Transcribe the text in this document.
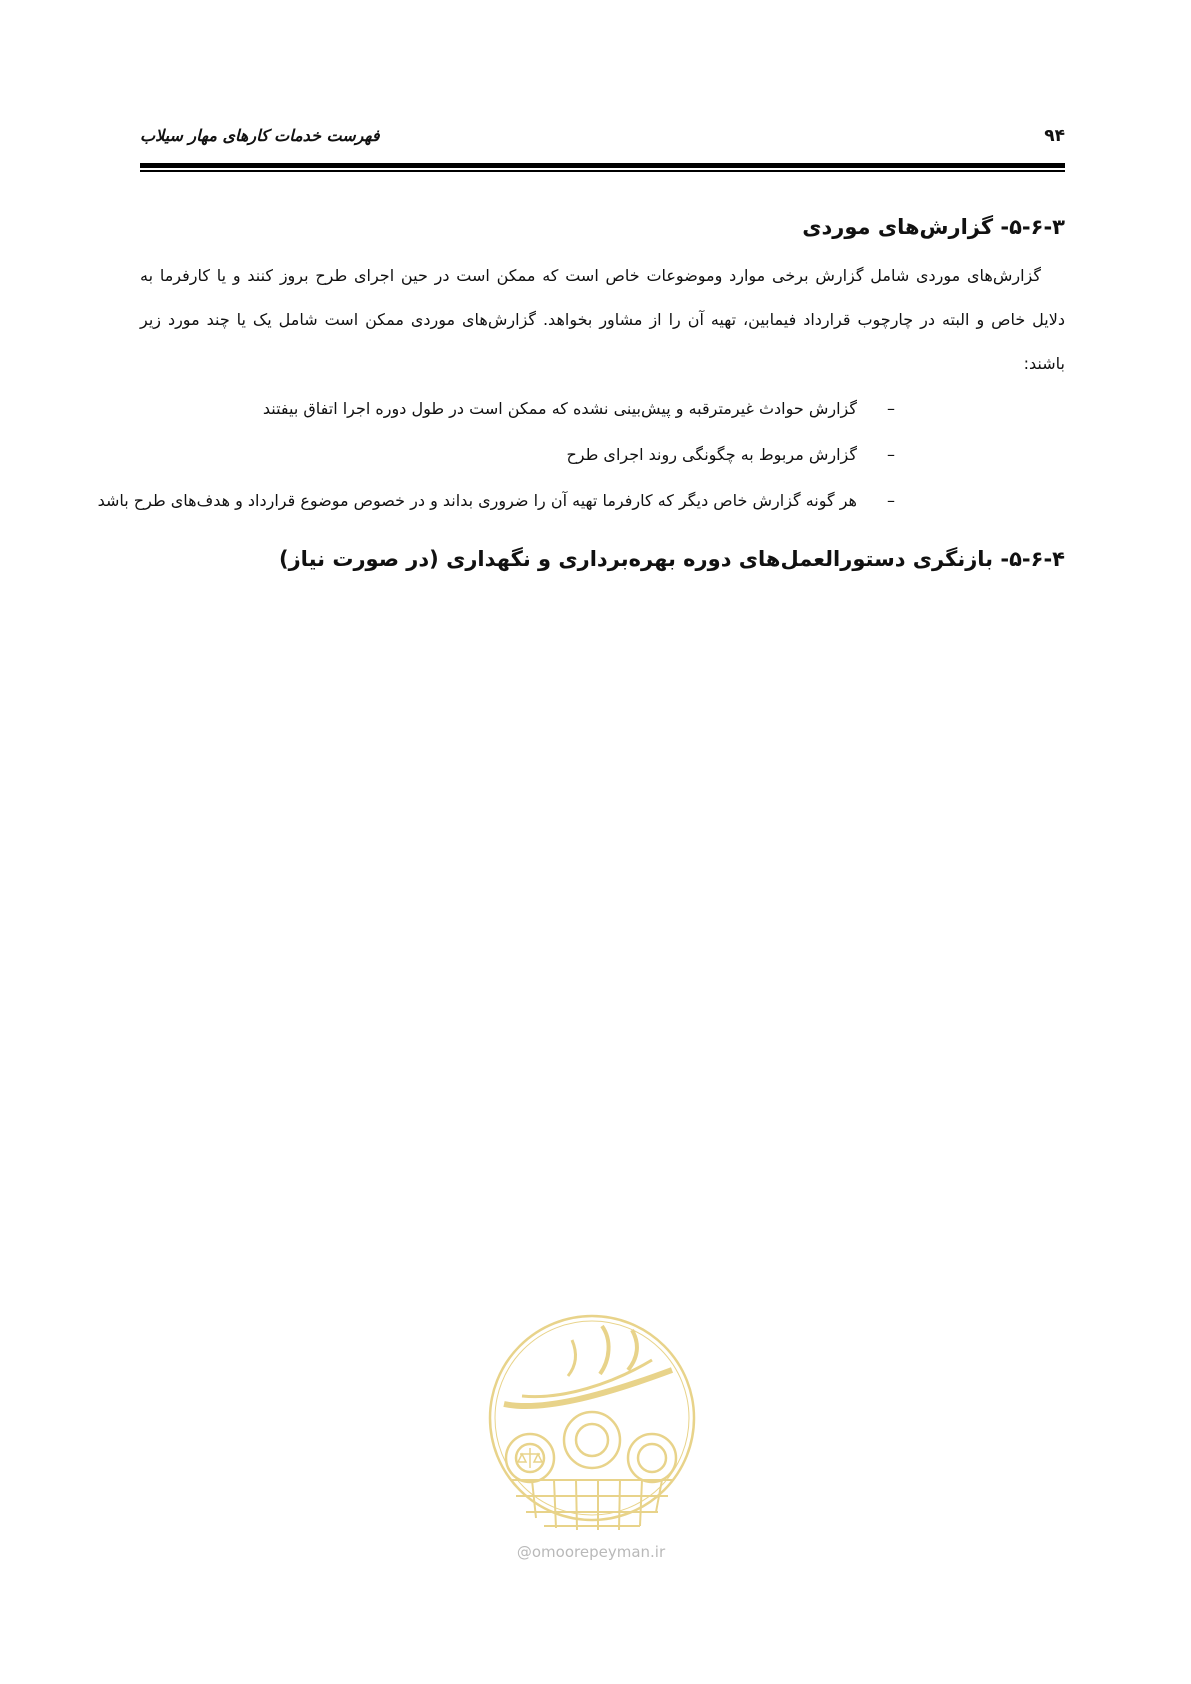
۹۴
فهرست خدمات کارهای مهار سیلاب
۵-۶-۳- گزارش‌های موردی

گزارش‌های موردی شامل گزارش برخی موارد وموضوعات خاص است که ممکن است در حین اجرای طرح بروز کنند و یا کارفرما به دلایل خاص و البته در چارچوب قرارداد فیمابین، تهیه آن را از مشاور بخواهد. گزارش‌های موردی ممکن است شامل یک یا چند مورد زیر باشند:

–
گزارش حوادث غیرمترقبه و پیش‌بینی نشده که ممکن است در طول دوره اجرا اتفاق بیفتند
–
گزارش مربوط به چگونگی روند اجرای طرح
–
هر گونه گزارش خاص دیگر که کارفرما تهیه آن را ضروری بداند و در خصوص موضوع قرارداد و هدف‌های طرح باشد
۵-۶-۴- بازنگری دستورالعمل‌های دوره بهره‌برداری و نگهداری (در صورت نیاز)
@omoorepeyman.ir
